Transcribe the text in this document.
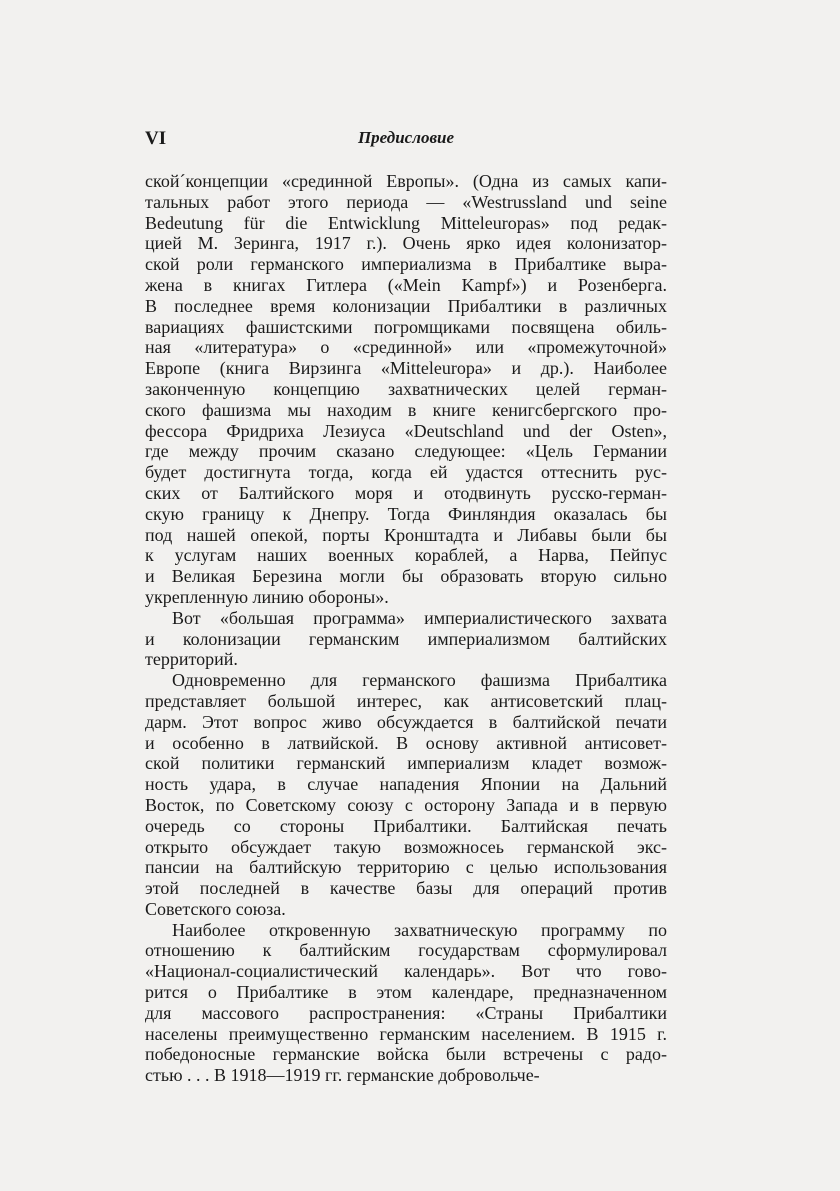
VI	Предисловие
ской´концепции «срединной Европы». (Одна из самых капи-
тальных работ этого периода — «Westrussland und seine
Bedeutung für die Entwicklung Mitteleuropas» под редак-
цией М. Зеринга, 1917 г.). Очень ярко идея колонизатор-
ской роли германского империализма в Прибалтике выра-
жена в книгах Гитлера («Mein Kampf») и Розенберга.
В последнее время колонизации Прибалтики в различных
вариациях фашистскими погромщиками посвящена обиль-
ная «литература» о «срединной» или «промежуточной»
Европе (книга Вирзинга «Mitteleuropa» и др.). Наиболее
законченную концепцию захватнических целей герман-
ского фашизма мы находим в книге кенигсбергского про-
фессора Фридриха Лезиуса «Deutschland und der Osten»,
где между прочим сказано следующее: «Цель Германии
будет достигнута тогда, когда ей удастся оттеснить рус-
ских от Балтийского моря и отодвинуть русско-герман-
скую границу к Днепру. Тогда Финляндия оказалась бы
под нашей опекой, порты Кронштадта и Либавы были бы
к услугам наших военных кораблей, а Нарва, Пейпус
и Великая Березина могли бы образовать вторую сильно
укрепленную линию обороны».
Вот «большая программа» империалистического захвата
и колонизации германским империализмом балтийских
территорий.
Одновременно для германского фашизма Прибалтика
представляет большой интерес, как антисоветский плац-
дарм. Этот вопрос живо обсуждается в балтийской печати
и особенно в латвийской. В основу активной антисовет-
ской политики германский империализм кладет возмож-
ность удара, в случае нападения Японии на Дальний
Восток, по Советскому союзу с осторону Запада и в первую
очередь со стороны Прибалтики. Балтийская печать
открыто обсуждает такую возможносеь германской экс-
пансии на балтийскую территорию с целью использования
этой последней в качестве базы для операций против
Советского союза.
Наиболее откровенную захватническую программу по
отношению к балтийским государствам сформулировал
«Национал-социалистический календарь». Вот что гово-
рится о Прибалтике в этом календаре, предназначенном
для массового распространения: «Страны Прибалтики
населены преимущественно германским населением. В 1915 г.
победоносные германские войска были встречены с радо-
стью . . . В 1918—1919 гг. германские добровольче-
